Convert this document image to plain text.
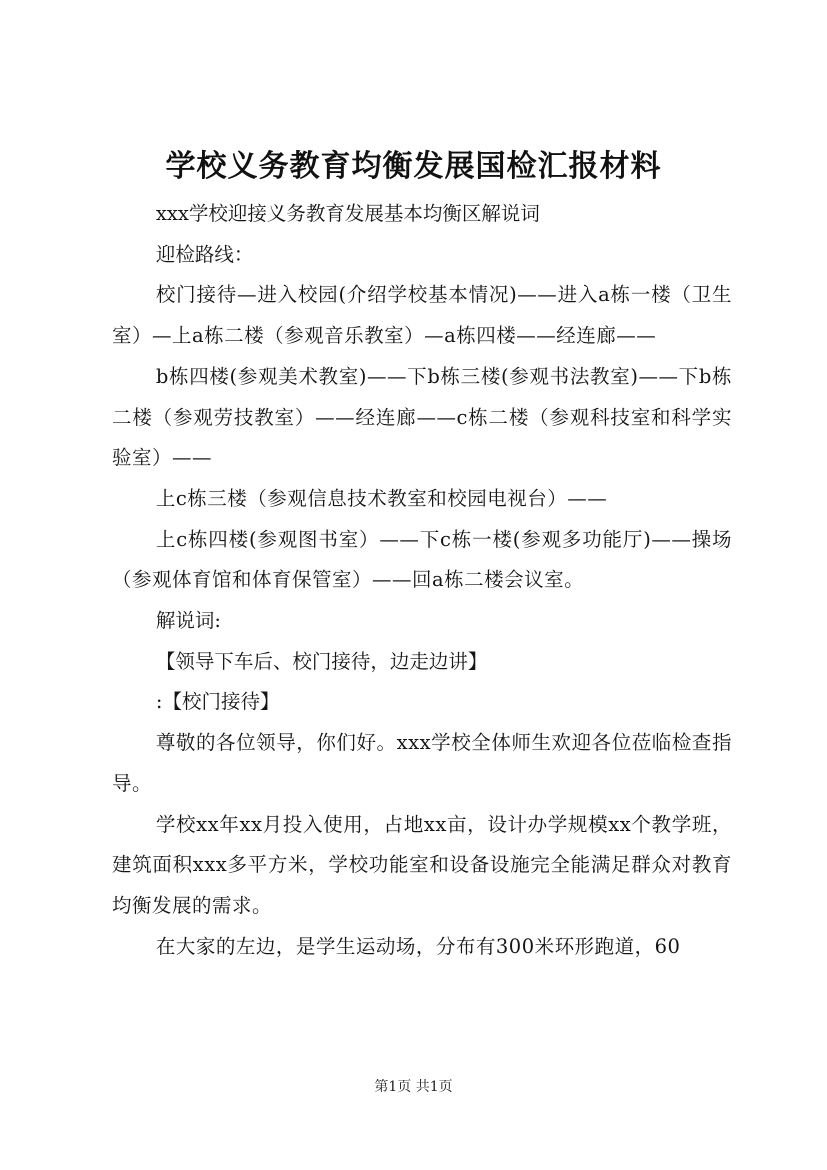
学校义务教育均衡发展国检汇报材料

xxx学校迎接义务教育发展基本均衡区解说词

迎检路线：

校门接待—进入校园(介绍学校基本情况)——进入a栋一楼（卫生室）—上a栋二楼（参观音乐教室）—a栋四楼——经连廊——

b栋四楼(参观美术教室)——下b栋三楼(参观书法教室)——下b栋二楼（参观劳技教室）——经连廊——c栋二楼（参观科技室和科学实验室）——

上c栋三楼（参观信息技术教室和校园电视台）——

上c栋四楼(参观图书室）——下c栋一楼(参观多功能厅)——操场（参观体育馆和体育保管室）——回a栋二楼会议室。

解说词:

【领导下车后、校门接待，边走边讲】

:【校门接待】

尊敬的各位领导，你们好。xxx学校全体师生欢迎各位莅临检查指导。

学校xx年xx月投入使用，占地xx亩，设计办学规模xx个教学班，建筑面积xxx多平方米，学校功能室和设备设施完全能满足群众对教育均衡发展的需求。

在大家的左边，是学生运动场，分布有300米环形跑道，60

第1页 共1页
